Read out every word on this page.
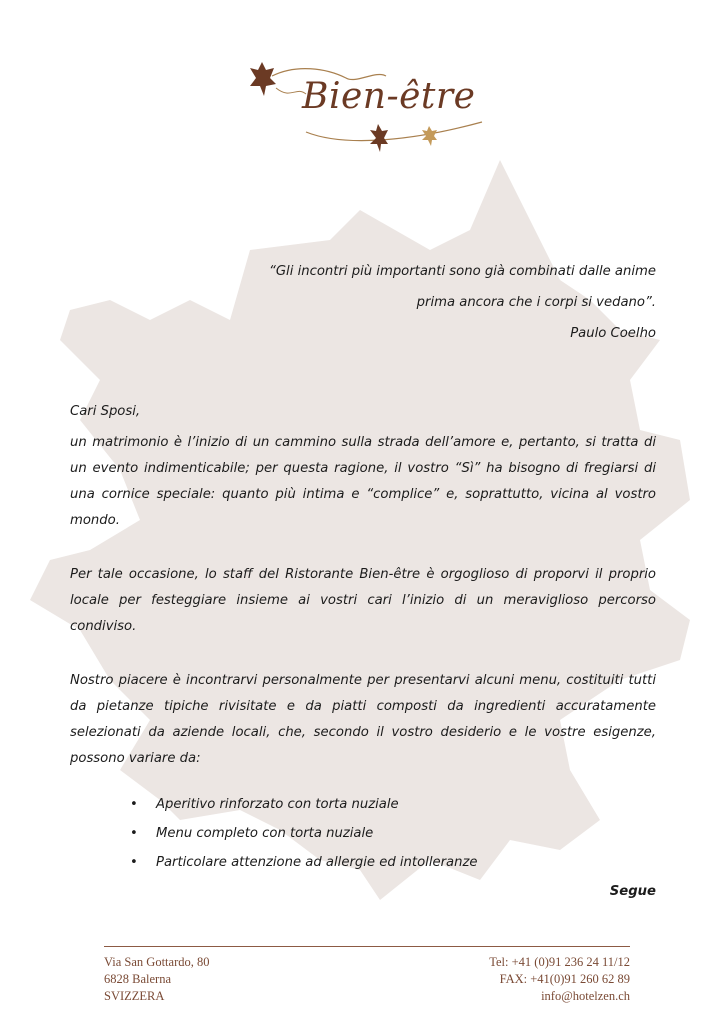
Bien-être
“Gli incontri più importanti sono già combinati dalle anime
prima ancora che i corpi si vedano”.
Paulo Coelho
Cari Sposi,
un matrimonio è l’inizio di un cammino sulla strada dell’amore e, pertanto, si tratta di un evento indimenticabile; per questa ragione, il vostro “Sì” ha bisogno di fregiarsi di una cornice speciale: quanto più intima e “complice” e, soprattutto, vicina al vostro mondo.
Per tale occasione, lo staff del Ristorante Bien-être è orgoglioso di proporvi il proprio locale per festeggiare insieme ai vostri cari l’inizio di un meraviglioso percorso condiviso.
Nostro piacere è incontrarvi personalmente per presentarvi alcuni menu, costituiti tutti da pietanze tipiche rivisitate e da piatti composti da ingredienti accuratamente selezionati da aziende locali, che, secondo il vostro desiderio e le vostre esigenze, possono variare da:
• Aperitivo rinforzato con torta nuziale
• Menu completo con torta nuziale
• Particolare attenzione ad allergie ed intolleranze
Segue
Via San Gottardo, 80
6828 Balerna
SVIZZERA
Tel: +41 (0)91 236 24 11/12
FAX: +41(0)91 260 62 89
info@hotelzen.ch
